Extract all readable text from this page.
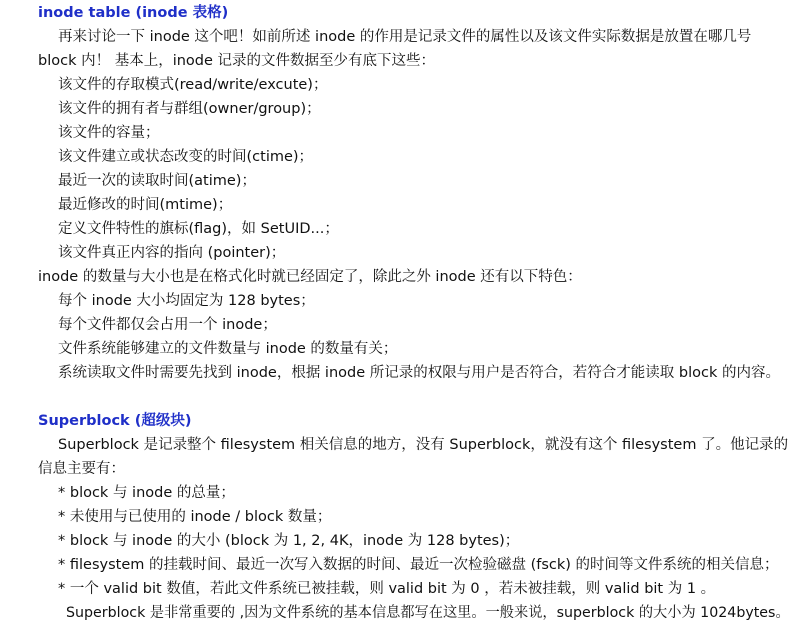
inode table (inode 表格)
再来讨论一下 inode 这个吧！如前所述 inode 的作用是记录文件的属性以及该文件实际数据是放置在哪几号
block 内！ 基本上，inode 记录的文件数据至少有底下这些：
该文件的存取模式(read/write/excute)；
该文件的拥有者与群组(owner/group)；
该文件的容量；
该文件建立或状态改变的时间(ctime)；
最近一次的读取时间(atime)；
最近修改的时间(mtime)；
定义文件特性的旗标(flag)，如 SetUID...；
该文件真正内容的指向 (pointer)；
inode 的数量与大小也是在格式化时就已经固定了，除此之外 inode 还有以下特色：
每个 inode 大小均固定为 128 bytes；
每个文件都仅会占用一个 inode；
文件系统能够建立的文件数量与 inode 的数量有关；
系统读取文件时需要先找到 inode，根据 inode 所记录的权限与用户是否符合，若符合才能读取 block 的内容。
Superblock (超级块)
Superblock 是记录整个 filesystem 相关信息的地方，没有 Superblock，就没有这个 filesystem 了。他记录的
信息主要有：
* block 与 inode 的总量；
* 未使用与已使用的 inode / block 数量；
* block 与 inode 的大小 (block 为 1, 2, 4K，inode 为 128 bytes)；
* filesystem 的挂载时间、最近一次写入数据的时间、最近一次检验磁盘 (fsck) 的时间等文件系统的相关信息；
* 一个 valid bit 数值，若此文件系统已被挂载，则 valid bit 为 0 ，若未被挂载，则 valid bit 为 1 。
Superblock 是非常重要的 ,因为文件系统的基本信息都写在这里。一般来说，superblock 的大小为 1024bytes。
